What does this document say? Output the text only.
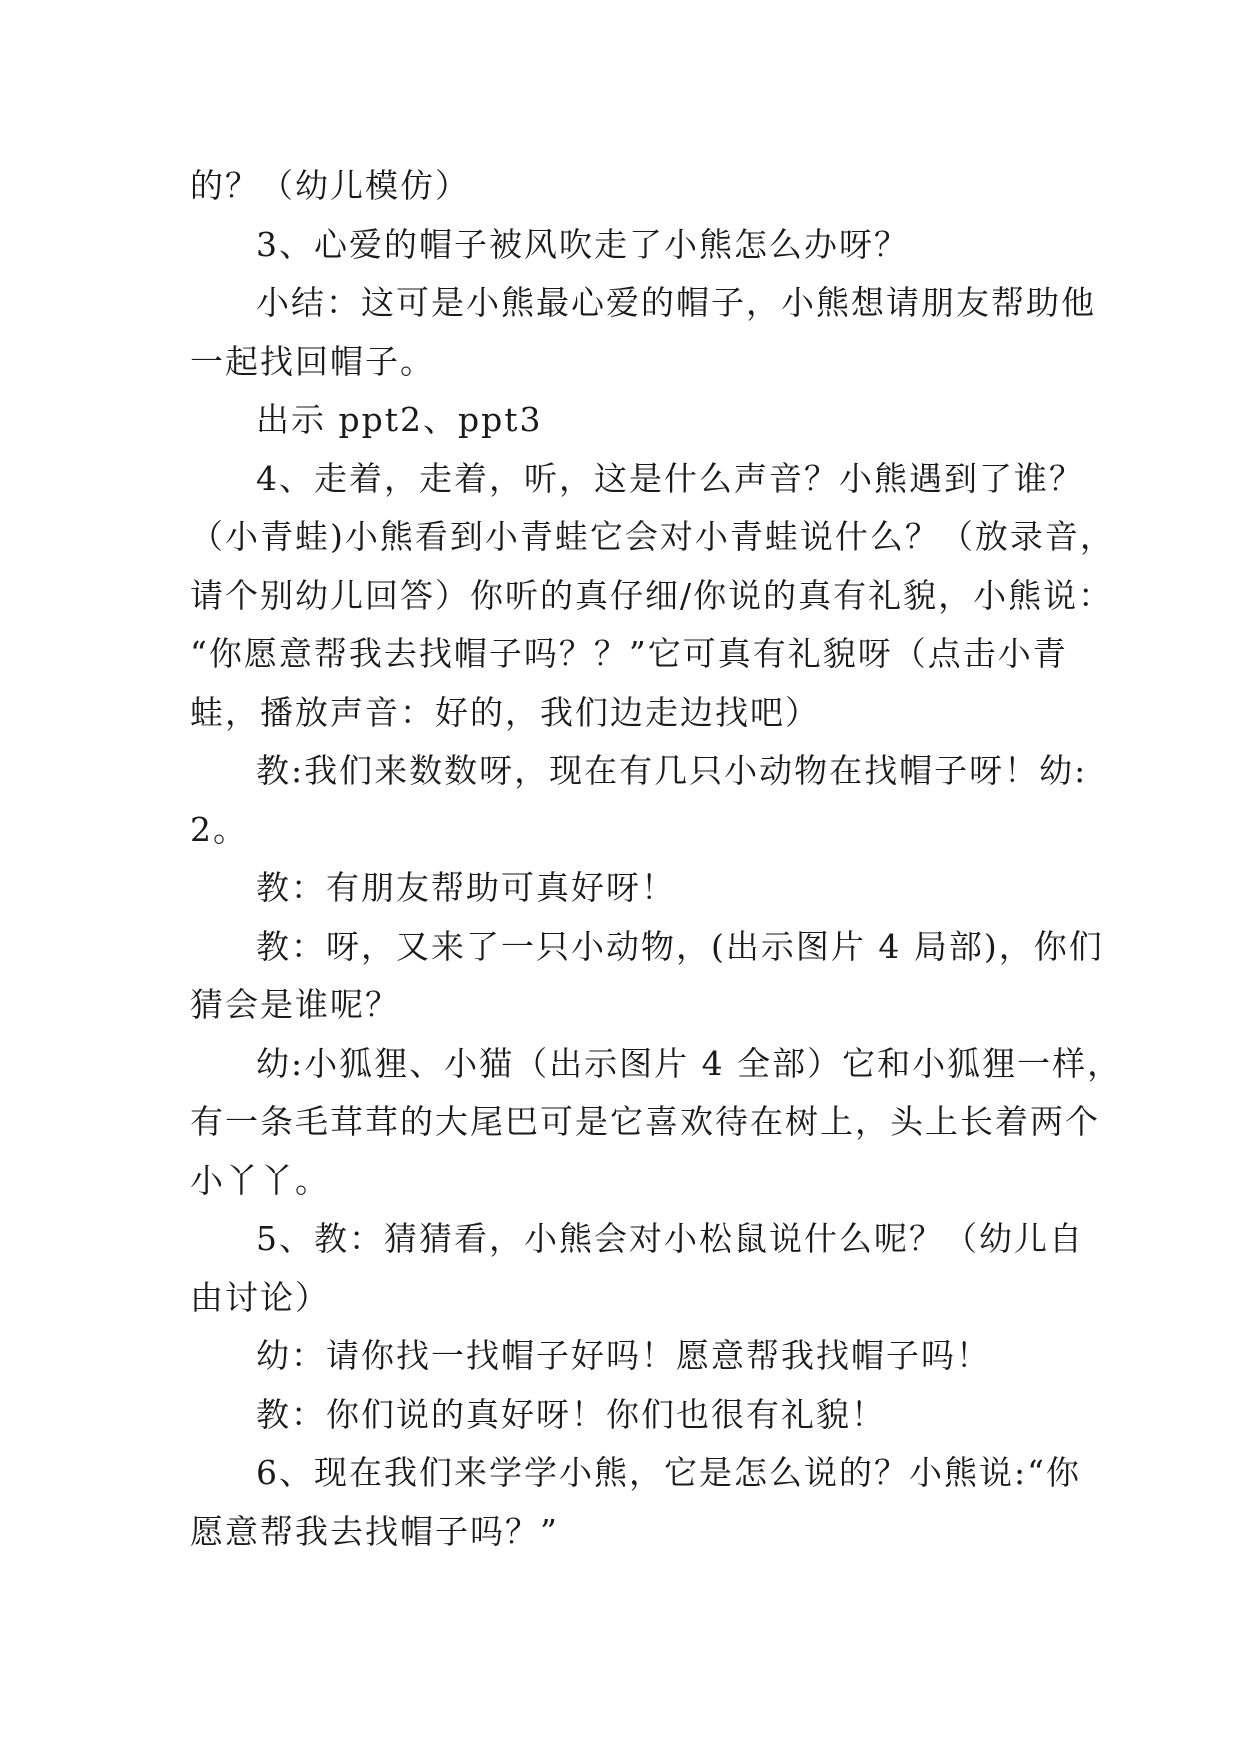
的？（幼儿模仿）
3、心爱的帽子被风吹走了小熊怎么办呀？
小结：这可是小熊最心爱的帽子，小熊想请朋友帮助他
一起找回帽子。
出示 ppt2、ppt3
4、走着，走着，听，这是什么声音？小熊遇到了谁？
（小青蛙)小熊看到小青蛙它会对小青蛙说什么？（放录音，
请个别幼儿回答）你听的真仔细/你说的真有礼貌，小熊说：
“你愿意帮我去找帽子吗？？”它可真有礼貌呀（点击小青
蛙，播放声音：好的，我们边走边找吧）
教:我们来数数呀，现在有几只小动物在找帽子呀！幼:
2。
教：有朋友帮助可真好呀！
教：呀，又来了一只小动物，(出示图片 4 局部)，你们
猜会是谁呢？
幼:小狐狸、小猫（出示图片 4 全部）它和小狐狸一样，
有一条毛茸茸的大尾巴可是它喜欢待在树上，头上长着两个
小丫丫。
5、教：猜猜看，小熊会对小松鼠说什么呢？（幼儿自
由讨论）
幼：请你找一找帽子好吗！愿意帮我找帽子吗！
教：你们说的真好呀！你们也很有礼貌！
6、现在我们来学学小熊，它是怎么说的？小熊说:“你
愿意帮我去找帽子吗？”
